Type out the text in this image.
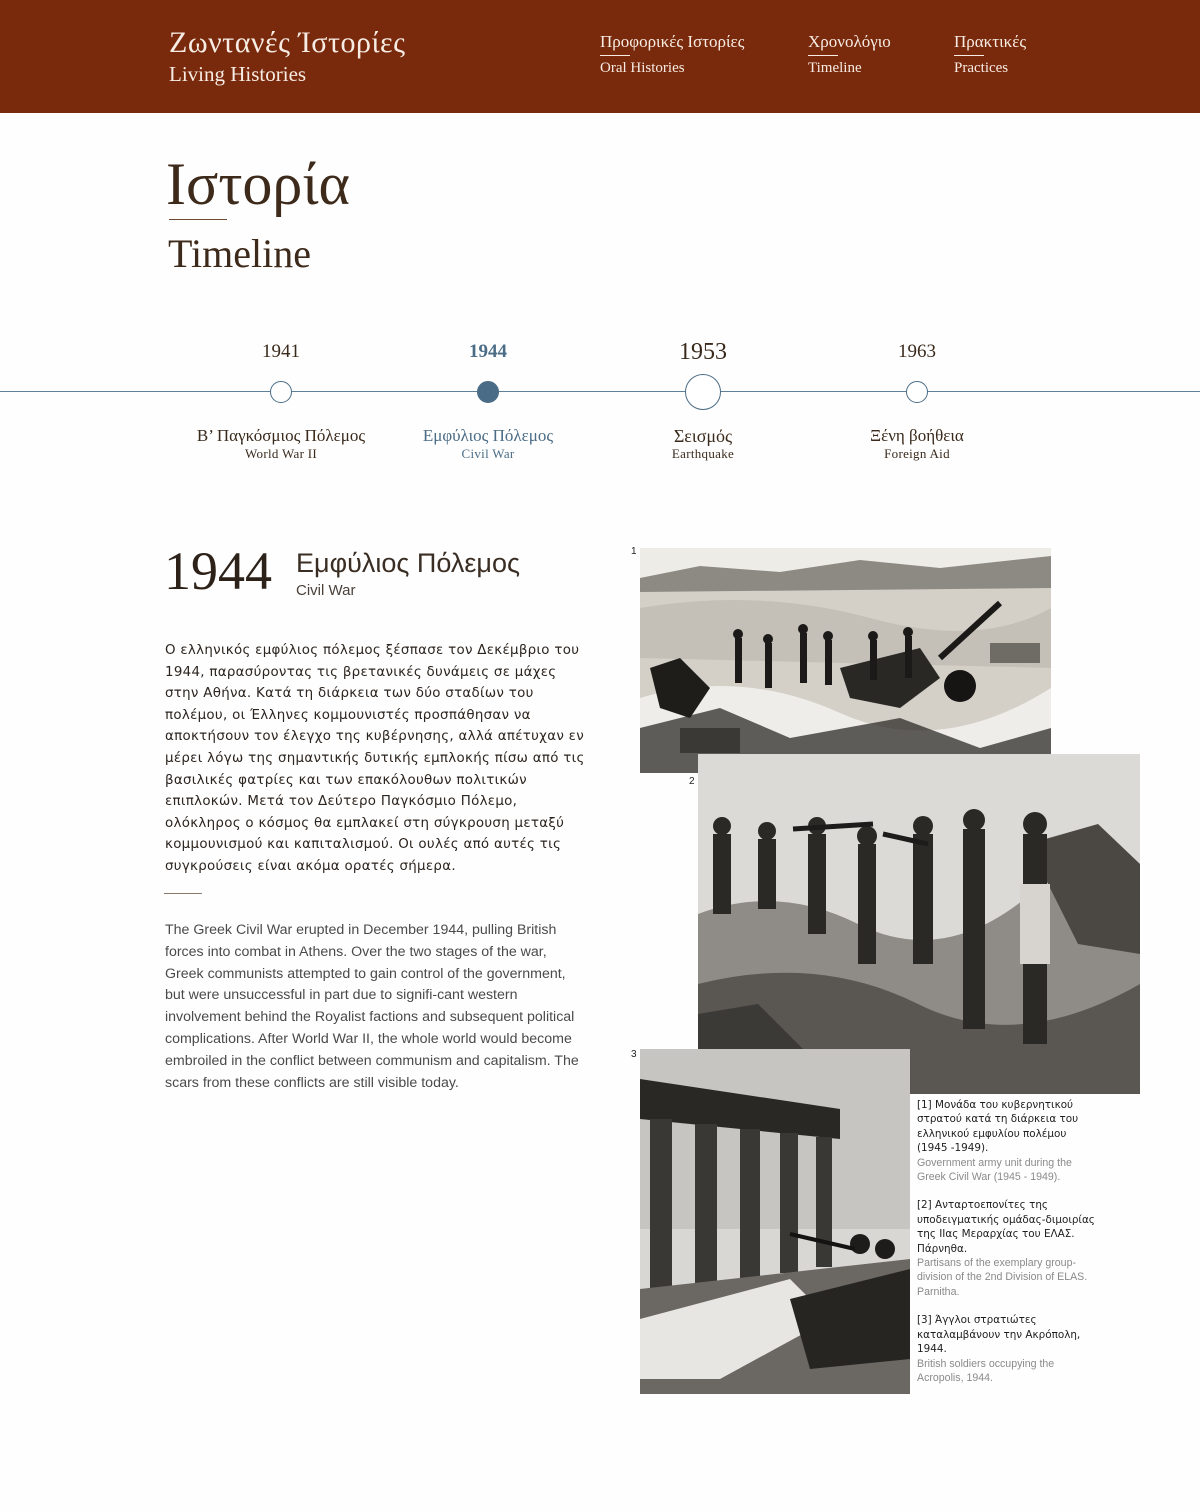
Ζωντανές Ίστορίες
Living Histories
Προφορικές Ιστορίες
Oral Histories
Χρονολόγιο
Timeline
Πρακτικές
Practices
Ιστορία
Timeline
1941
Β’ Παγκόσμιος Πόλεμος
World War II
1944
Εμφύλιος Πόλεμος
Civil War
1953
Σεισμός
Earthquake
1963
Ξένη βοήθεια
Foreign Aid
1944 Εμφύλιος Πόλεμος
Civil War
Ο ελληνικός εμφύλιος πόλεμος ξέσπασε τον Δεκέμβριο του 1944, παρασύροντας τις βρετανικές δυνάμεις σε μάχες στην Αθήνα. Κατά τη διάρκεια των δύο σταδίων του πολέμου, οι Έλληνες κομμουνιστές προσπάθησαν να αποκτήσουν τον έλεγχο της κυβέρνησης, αλλά απέτυχαν εν μέρει λόγω της σημαντικής δυτικής εμπλοκής πίσω από τις βασιλικές φατρίες και των επακόλουθων πολιτικών επιπλοκών. Μετά τον Δεύτερο Παγκόσμιο Πόλεμο, ολόκληρος ο κόσμος θα εμπλακεί στη σύγκρουση μεταξύ κομμουνισμού και καπιταλισμού. Οι ουλές από αυτές τις συγκρούσεις είναι ακόμα ορατές σήμερα.
The Greek Civil War erupted in December 1944, pulling British forces into combat in Athens. Over the two stages of the war, Greek communists attempted to gain control of the government, but were unsuccessful in part due to signifi-cant western involvement behind the Royalist factions and subsequent political complications. After World War II, the whole world would become embroiled in the conflict between communism and capitalism. The scars from these conflicts are still visible today.
1
2
3
[1] Μονάδα του κυβερνητικού στρατού κατά τη διάρκεια του ελληνικού εμφυλίου πολέμου (1945 -1949).
Government army unit during the Greek Civil War (1945 - 1949).
[2] Ανταρτοεπονίτες της υποδειγματικής ομάδας-διμοιρίας της ΙΙας Μεραρχίας του ΕΛΑΣ. Πάρνηθα.
Partisans of the exemplary group-division of the 2nd Division of ELAS. Parnitha.
[3] Άγγλοι στρατιώτες καταλαμβάνουν την Ακρόπολη, 1944.
British soldiers occupying the Acropolis, 1944.
